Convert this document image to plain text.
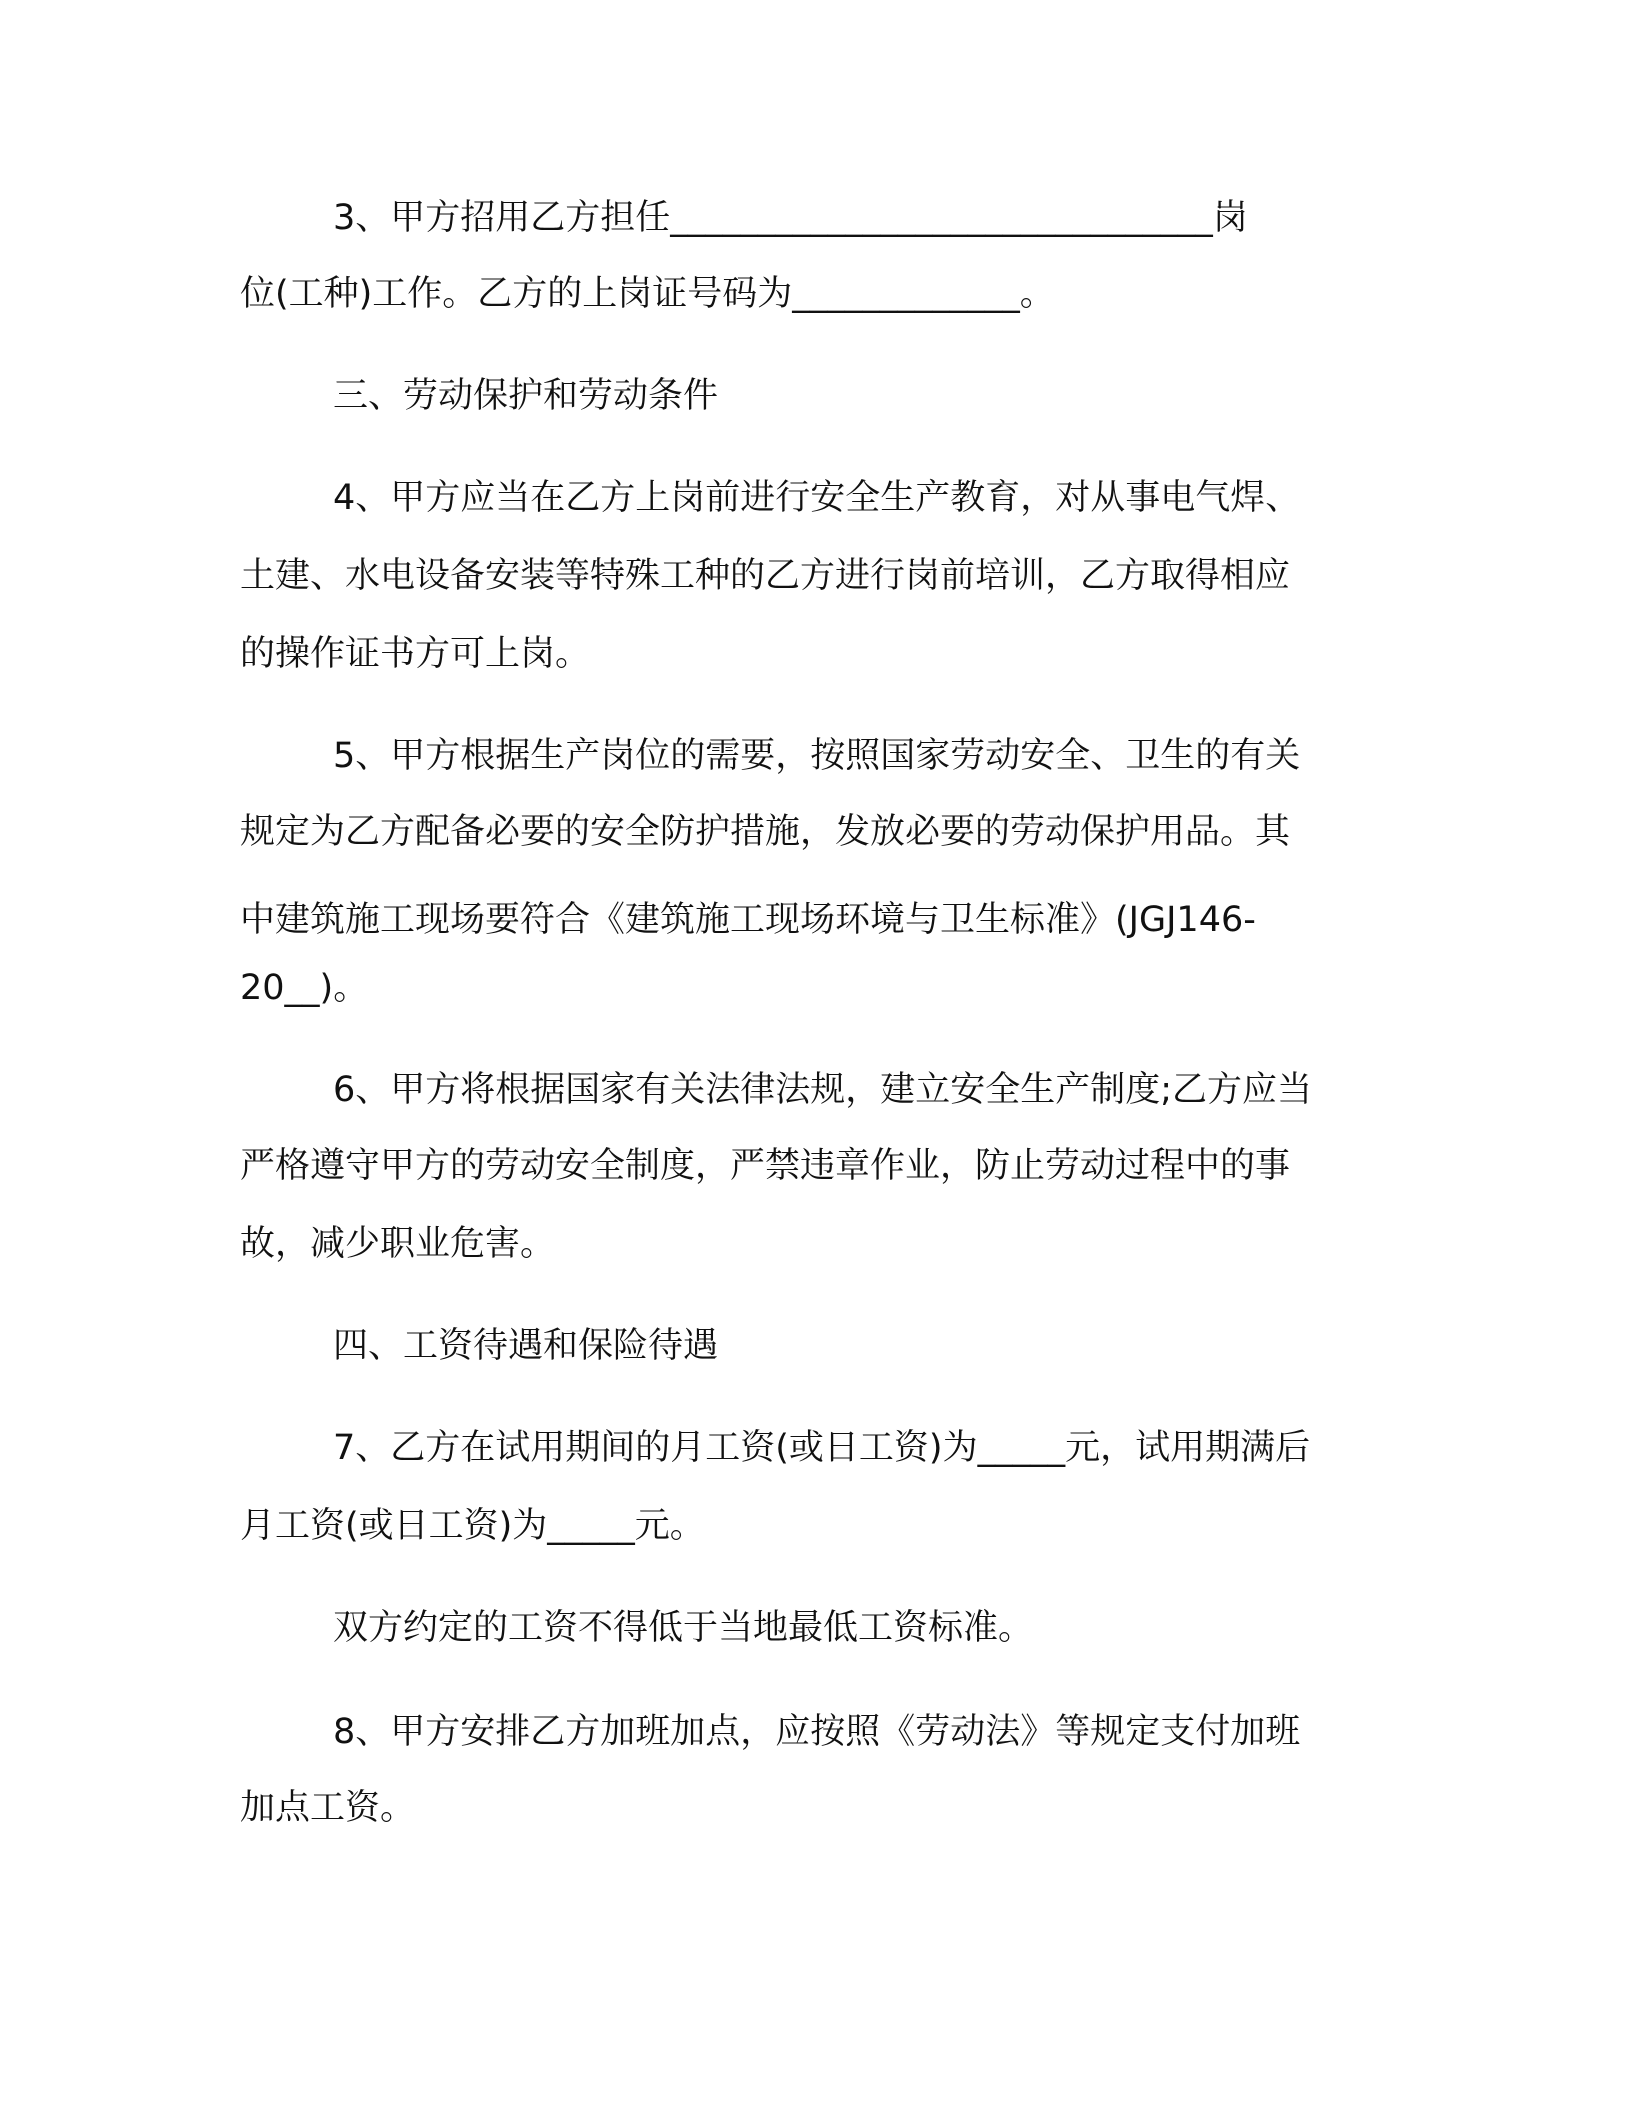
3、甲方招用乙方担任_______________________________岗
位(工种)工作。乙方的上岗证号码为_____________。
三、劳动保护和劳动条件
4、甲方应当在乙方上岗前进行安全生产教育，对从事电气焊、
土建、水电设备安装等特殊工种的乙方进行岗前培训，乙方取得相应
的操作证书方可上岗。
5、甲方根据生产岗位的需要，按照国家劳动安全、卫生的有关
规定为乙方配备必要的安全防护措施，发放必要的劳动保护用品。其
中建筑施工现场要符合《建筑施工现场环境与卫生标准》(JGJ146-
20__)。
6、甲方将根据国家有关法律法规，建立安全生产制度;乙方应当
严格遵守甲方的劳动安全制度，严禁违章作业，防止劳动过程中的事
故，减少职业危害。
四、工资待遇和保险待遇
7、乙方在试用期间的月工资(或日工资)为_____元，试用期满后
月工资(或日工资)为_____元。
双方约定的工资不得低于当地最低工资标准。
8、甲方安排乙方加班加点，应按照《劳动法》等规定支付加班
加点工资。
